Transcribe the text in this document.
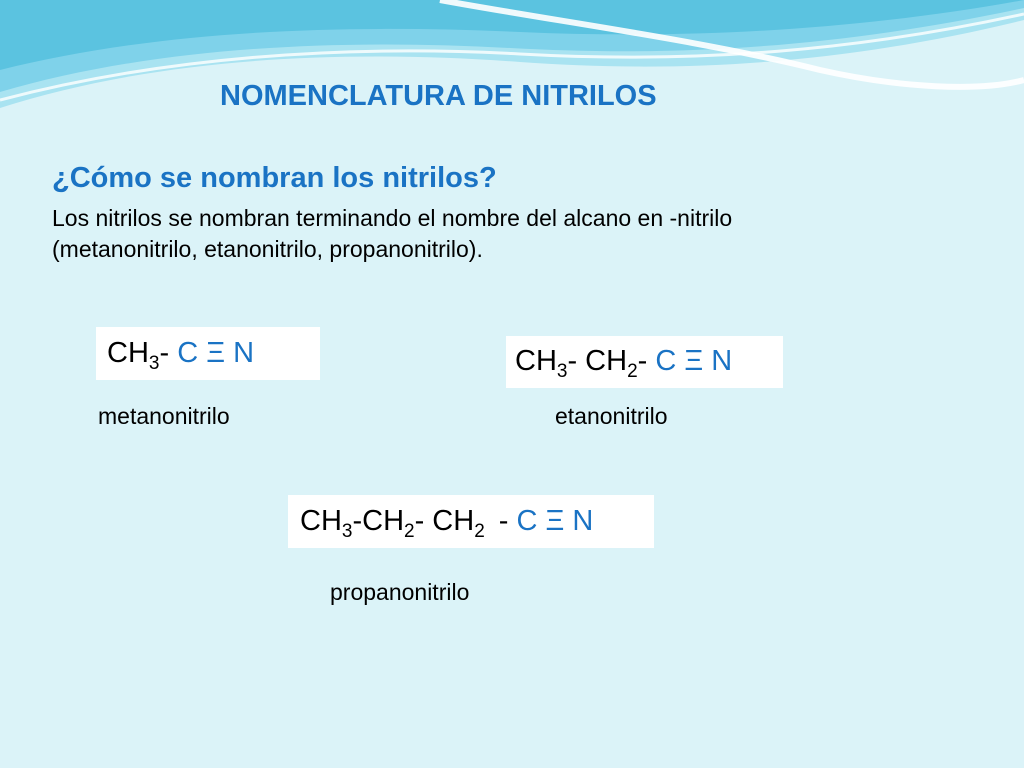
NOMENCLATURA DE NITRILOS
¿Cómo se nombran los nitrilos?
Los nitrilos se nombran terminando el nombre del alcano en -nitrilo
(metanonitrilo, etanonitrilo, propanonitrilo).
$CH_3-$ C Ξ N
metanonitrilo
$CH_3-$ $CH_2-$ C Ξ N
etanonitrilo
$CH_3-CH_2-$ $CH_2$ - C Ξ N
propanonitrilo
